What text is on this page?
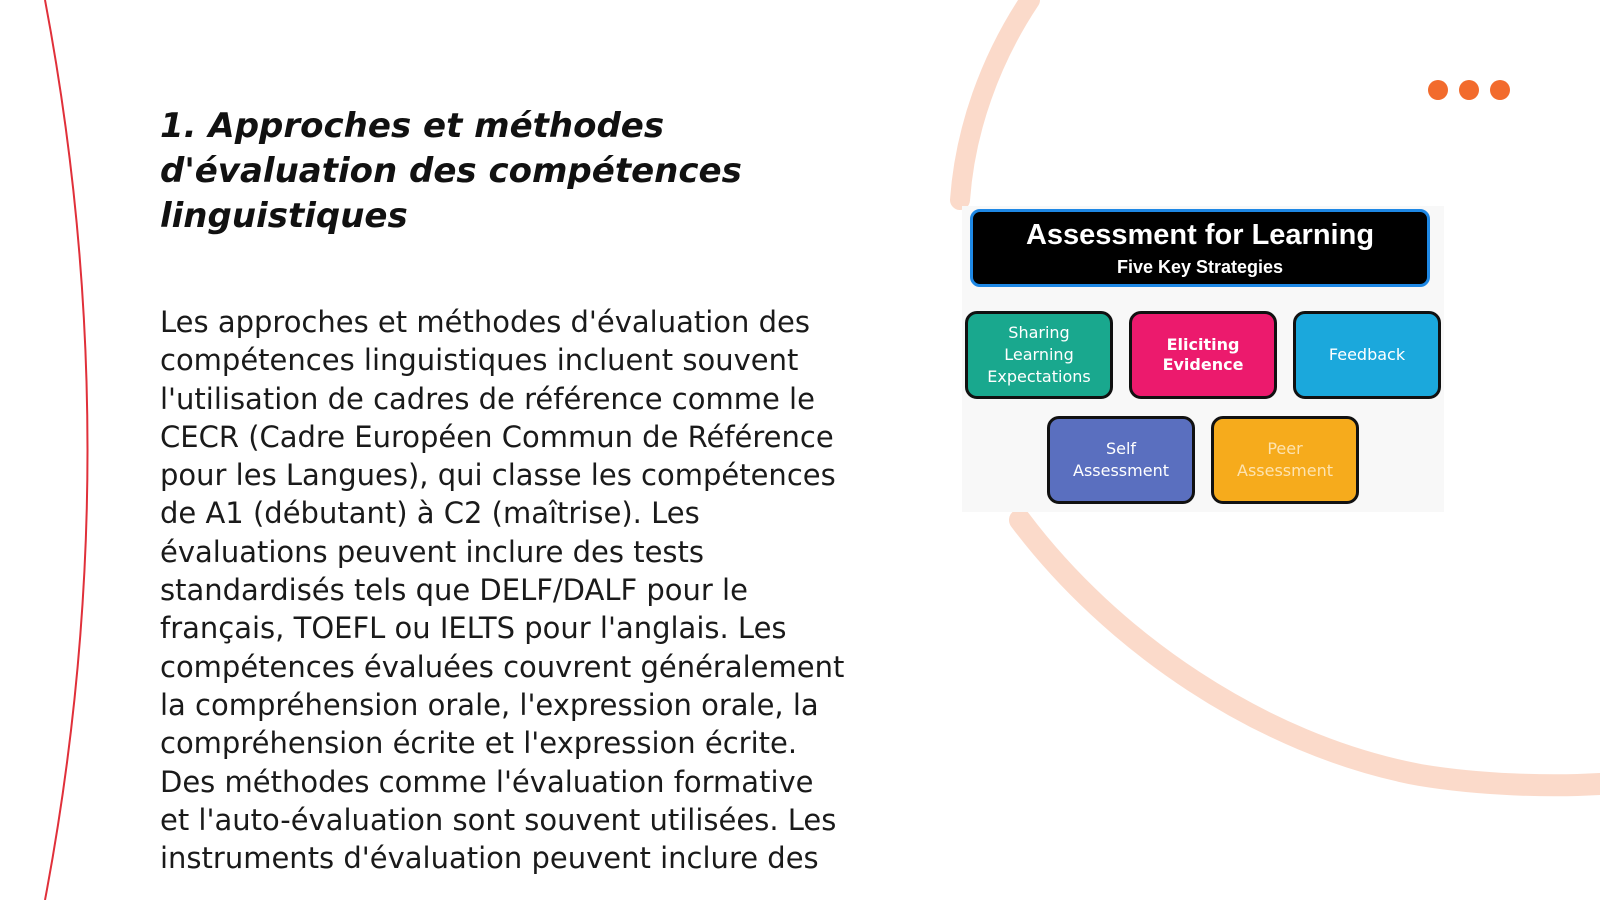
1. Approches et méthodes d'évaluation des compétences linguistiques

Les approches et méthodes d'évaluation des compétences linguistiques incluent souvent l'utilisation de cadres de référence comme le CECR (Cadre Européen Commun de Référence pour les Langues), qui classe les compétences de A1 (débutant) à C2 (maîtrise). Les évaluations peuvent inclure des tests standardisés tels que DELF/DALF pour le français, TOEFL ou IELTS pour l'anglais. Les compétences évaluées couvrent généralement la compréhension orale, l'expression orale, la compréhension écrite et l'expression écrite. Des méthodes comme l'évaluation formative et l'auto-évaluation sont souvent utilisées. Les instruments d'évaluation peuvent inclure des

Assessment for Learning
Five Key Strategies
Sharing Learning Expectations
Eliciting Evidence
Feedback
Self Assessment
Peer Assessment
